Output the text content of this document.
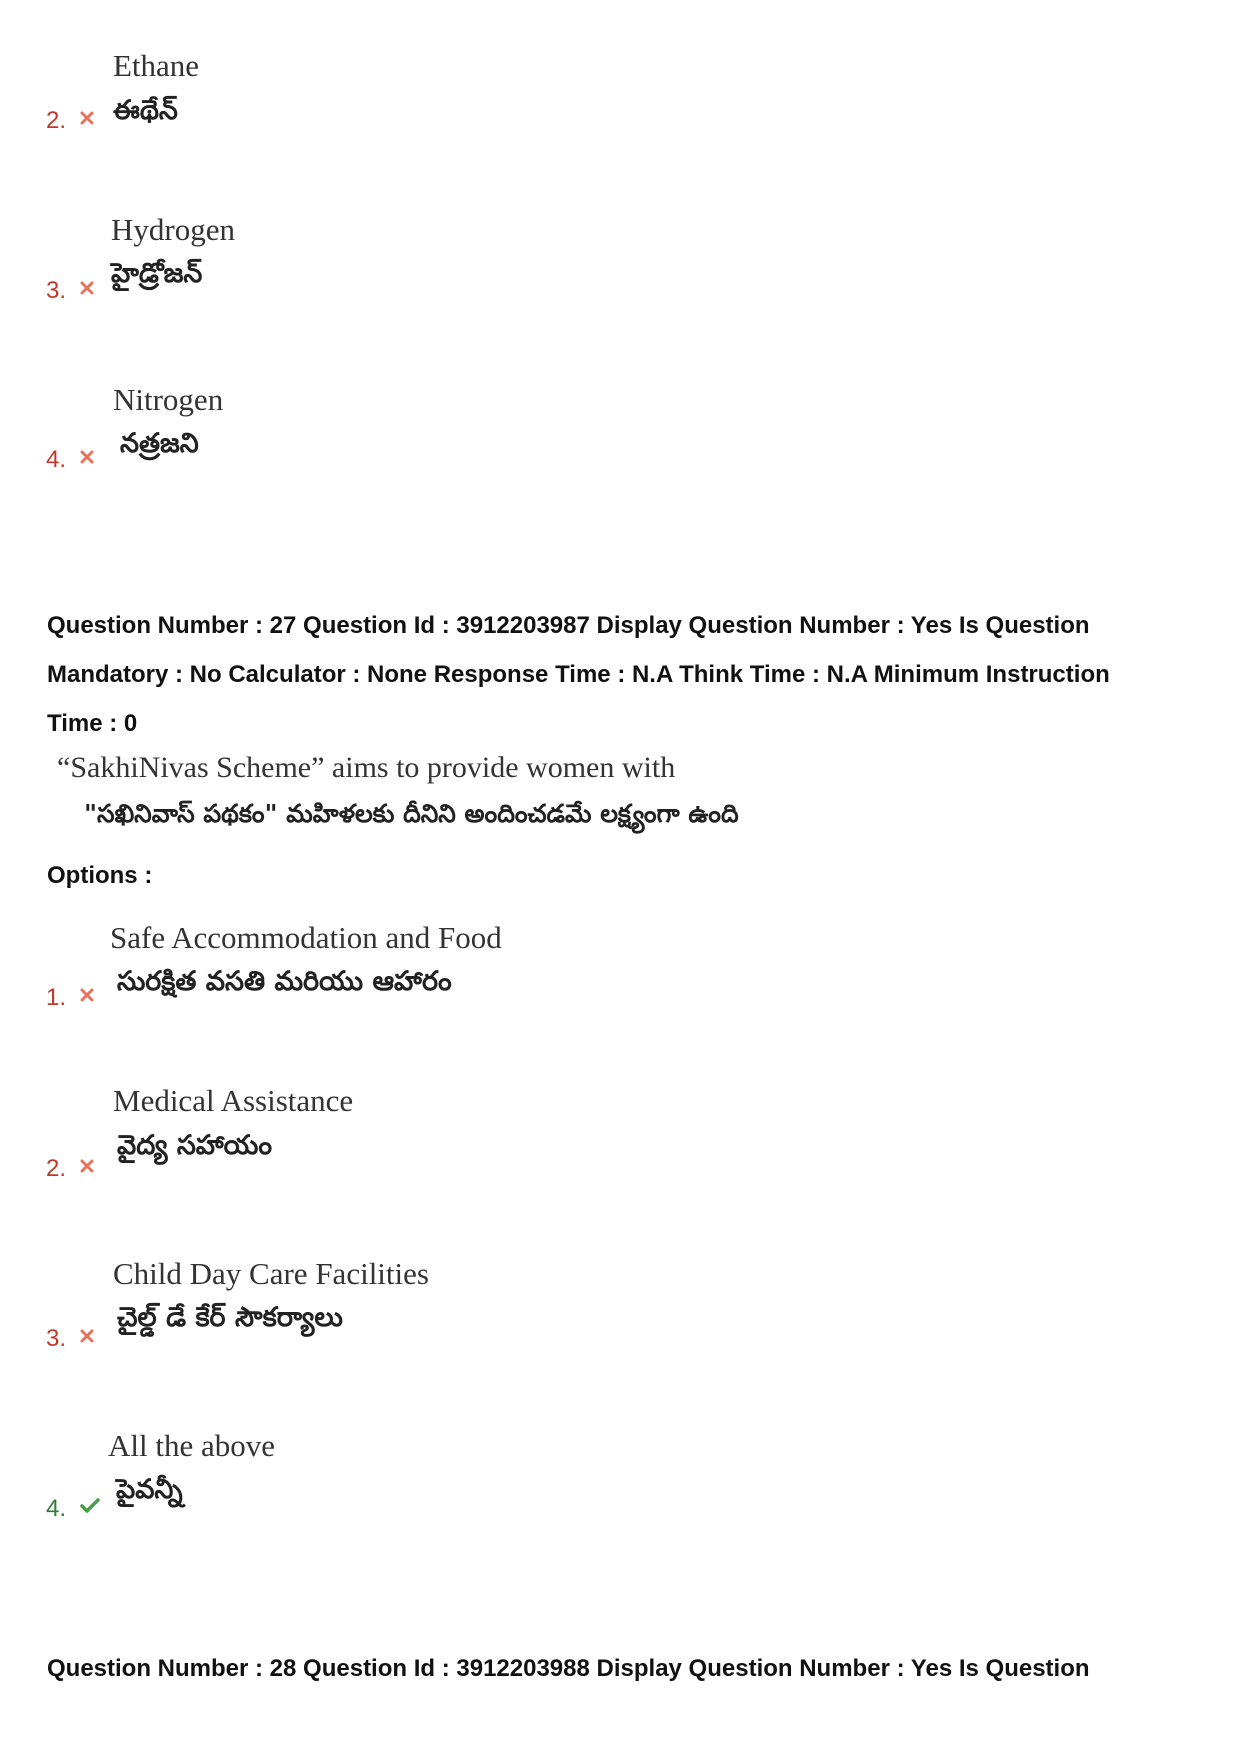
Ethane
ఈథేన్
2.
Hydrogen
హైడ్రోజన్
3.
Nitrogen
నత్రజని
4.
Question Number : 27 Question Id : 3912203987 Display Question Number : Yes Is Question
Mandatory : No Calculator : None Response Time : N.A Think Time : N.A Minimum Instruction
Time : 0
“SakhiNivas Scheme” aims to provide women with
"సఖినివాస్ పథకం" మహిళలకు దీనిని అందించడమే లక్ష్యంగా ఉంది
Options :
Safe Accommodation and Food
సురక్షిత వసతి మరియు ఆహారం
1.
Medical Assistance
వైద్య సహాయం
2.
Child Day Care Facilities
చైల్డ్ డే కేర్ సౌకర్యాలు
3.
All the above
పైవన్నీ
4.
Question Number : 28 Question Id : 3912203988 Display Question Number : Yes Is Question
